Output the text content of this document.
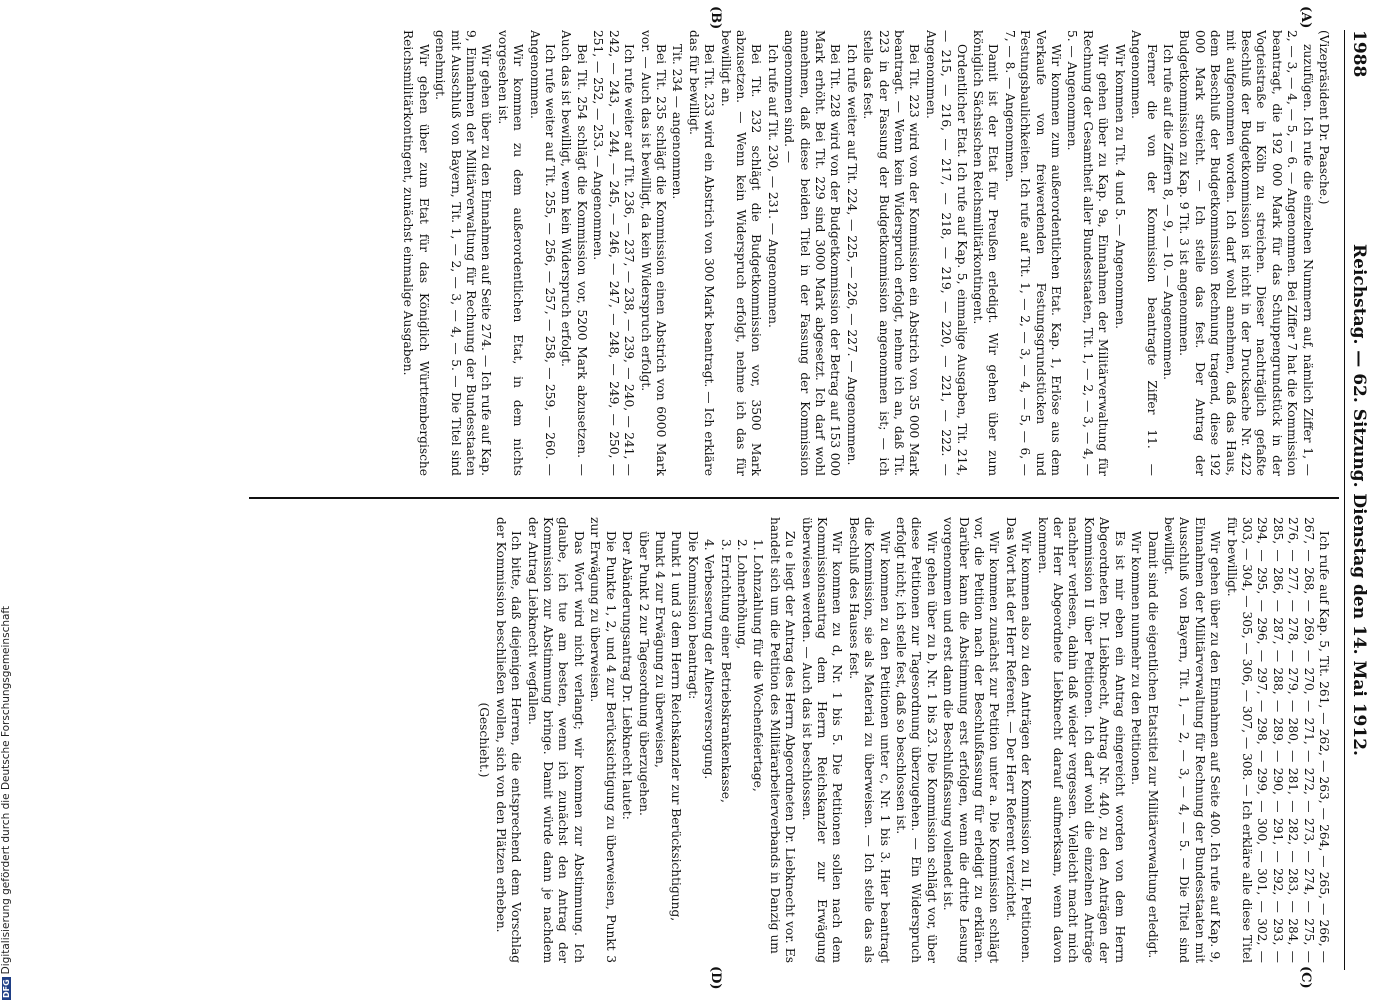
1988
Reichstag. — 62. Sitzung. Dienstag den 14. Mai 1912.
(A)
(B)
(C)
(D)

(Vizepräsident Dr. Paasche.)

zuzufügen. Ich rufe die einzelnen Nummern auf, nämlich Ziffer 1, — 2, — 3, — 4, — 5, — 6. — Angenommen. Bei Ziffer 7 hat die Kommission beantragt, die 192 000 Mark für das Schuppengrundstück in der Vogteistraße in Köln zu streichen. Dieser nachträglich gefaßte Beschluß der Budgetkommission ist nicht in der Drucksache Nr. 422 mit aufgenommen worden. Ich darf wohl annehmen, daß das Haus, dem Beschluß der Budgetkommission Rechnung tragend, diese 192 000 Mark streicht. — Ich stelle das fest. Der Antrag der Budgetkommission zu Kap. 9 Tit. 3 ist angenommen.

Ich rufe auf die Ziffern 8, — 9, — 10. — Angenommen.

Ferner die von der Kommission beantragte Ziffer 11. — Angenommen.

Wir kommen zu Tit. 4 und 5. — Angenommen.

Wir gehen über zu Kap. 9a, Einnahmen der Militärverwaltung für Rechnung der Gesamtheit aller Bundesstaaten, Tit. 1, — 2, — 3, — 4, — 5. — Angenommen.

Wir kommen zum außerordentlichen Etat. Kap. 1, Erlöse aus dem Verkaufe von freiwerdenden Festungsgrundstücken und Festungsbaulichkeiten. Ich rufe auf Tit. 1, — 2, — 3, — 4, — 5, — 6, — 7, — 8. — Angenommen.

Damit ist der Etat für Preußen erledigt. Wir gehen über zum königlich Sächsischen Reichsmilitärkontingent.

Ordentlicher Etat. Ich rufe auf Kap. 5, einmalige Ausgaben, Tit. 214, — 215, — 216, — 217, — 218, — 219, — 220, — 221, — 222. — Angenommen.

Bei Tit. 223 wird von der Kommission ein Abstrich von 35 000 Mark beantragt. — Wenn kein Widerspruch erfolgt, nehme ich an, daß Tit. 223 in der Fassung der Budgetkommission angenommen ist; — ich stelle das fest.

Ich rufe weiter auf Tit. 224, — 225, — 226, — 227. — Angenommen.

Bei Tit. 228 wird von der Budgetkommission der Betrag auf 153 000 Mark erhöht. Bei Tit. 229 sind 3000 Mark abgesetzt. Ich darf wohl annehmen, daß diese beiden Titel in der Fassung der Kommission angenommen sind. —

Ich rufe auf Tit. 230, — 231. — Angenommen.

Bei Tit. 232 schlägt die Budgetkommission vor, 3500 Mark abzusetzen. — Wenn kein Widerspruch erfolgt, nehme ich das für bewilligt an.

Bei Tit. 233 wird ein Abstrich von 300 Mark beantragt. — Ich erkläre das für bewilligt.

Tit. 234 — angenommen.

Bei Tit. 235 schlägt die Kommission einen Abstrich von 6000 Mark vor. — Auch das ist bewilligt, da kein Widerspruch erfolgt.

Ich rufe weiter auf Tit. 236, — 237, — 238, — 239, — 240, — 241, — 242, — 243, — 244, — 245, — 246, — 247, — 248, — 249, — 250, — 251, — 252, — 253. — Angenommen.

Bei Tit. 254 schlägt die Kommission vor, 5200 Mark abzusetzen. — Auch das ist bewilligt, wenn kein Widerspruch erfolgt.

Ich rufe weiter auf Tit. 255, — 256, — 257, — 258, — 259, — 260. — Angenommen.

Wir kommen zu dem außerordentlichen Etat, in dem nichts vorgesehen ist.

Wir gehen über zu den Einnahmen auf Seite 274. — Ich rufe auf Kap. 9, Einnahmen der Militärverwaltung für Rechnung der Bundesstaaten mit Ausschluß von Bayern, Tit. 1, — 2, — 3, — 4, — 5. — Die Titel sind genehmigt.

Wir gehen über zum Etat für das Königlich Württembergische Reichsmilitärkontingent, zunächst einmalige Ausgaben.

Ich rufe auf Kap. 5, Tit. 261, — 262, — 263, — 264, — 265, — 266, — 267, — 268, — 269, — 270, — 271, — 272, — 273, — 274, — 275, — 276, — 277, — 278, — 279, — 280, — 281, — 282, — 283, — 284, — 285, — 286, — 287, — 288, — 289, — 290, — 291, — 292, — 293, — 294, — 295, — 296, — 297, — 298, — 299, — 300, — 301, — 302, — 303, — 304, — 305, — 306, — 307, — 308. — Ich erkläre alle diese Titel für bewilligt.

Wir gehen über zu den Einnahmen auf Seite 400. Ich rufe auf Kap. 9, Einnahmen der Militärverwaltung für Rechnung der Bundesstaaten mit Ausschluß von Bayern, Tit. 1, — 2, — 3, — 4, — 5. — Die Titel sind bewilligt.

Damit sind die eigentlichen Etatstitel zur Militärverwaltung erledigt.

Wir kommen nunmehr zu den Petitionen.

Es ist mir eben ein Antrag eingereicht worden von dem Herrn Abgeordneten Dr. Liebknecht, Antrag Nr. 440, zu den Anträgen der Kommission II über Petitionen. Ich darf wohl die einzelnen Anträge nachher verlesen, dahin daß wieder vergessen. Vielleicht macht mich der Herr Abgeordnete Liebknecht darauf aufmerksam, wenn davon kommen.

Wir kommen also zu den Anträgen der Kommission zu II, Petitionen. Das Wort hat der Herr Referent. — Der Herr Referent verzichtet.

Wir kommen zunächst zur Petition unter a. Die Kommission schlägt vor, die Petition nach der Beschlußfassung für erledigt zu erklären. Darüber kann die Abstimmung erst erfolgen, wenn die dritte Lesung vorgenommen und erst dann die Beschlußfassung vollendet ist.

Wir gehen über zu b, Nr. 1 bis 23. Die Kommission schlägt vor, über diese Petitionen zur Tagesordnung überzugehen. — Ein Widerspruch erfolgt nicht; ich stelle fest, daß so beschlossen ist.

Wir kommen zu den Petitionen unter c, Nr. 1 bis 3. Hier beantragt die Kommission, sie als Material zu überweisen. — Ich stelle das als Beschluß des Hauses fest.

Wir kommen zu d, Nr. 1 bis 5. Die Petitionen sollen nach dem Kommissionsantrag dem Herrn Reichskanzler zur Erwägung überwiesen werden. — Auch das ist beschlossen.

Zu e liegt der Antrag des Herrn Abgeordneten Dr. Liebknecht vor. Es handelt sich um die Petition des Militärarbeiterverbands in Danzig um

1. Lohnzahlung für die Wochenfeiertage,

2. Lohnerhöhung,

3. Errichtung einer Betriebskrankenkasse,

4. Verbesserung der Altersversorgung.

Die Kommission beantragt:

Punkt 1 und 3 dem Herrn Reichskanzler zur Berücksichtigung,

Punkt 4 zur Erwägung zu überweisen,

über Punkt 2 zur Tagesordnung überzugehen.

Der Abänderungsantrag Dr. Liebknecht lautet:

Die Punkte 1, 2, und 4 zur Berücksichtigung zu überweisen, Punkt 3 zur Erwägung zu überweisen.

Das Wort wird nicht verlangt; wir kommen zur Abstimmung. Ich glaube, ich tue am besten, wenn ich zunächst den Antrag der Kommission zur Abstimmung bringe. Damit würde dann je nachdem der Antrag Liebknecht wegfallen.

Ich bitte, daß diejenigen Herren, die entsprechend dem Vorschlag der Kommission beschließen wollen, sich von den Plätzen erheben.

(Geschieht.)

DFGDigitalisierung gefördert durch die Deutsche Forschungsgemeinschaft
